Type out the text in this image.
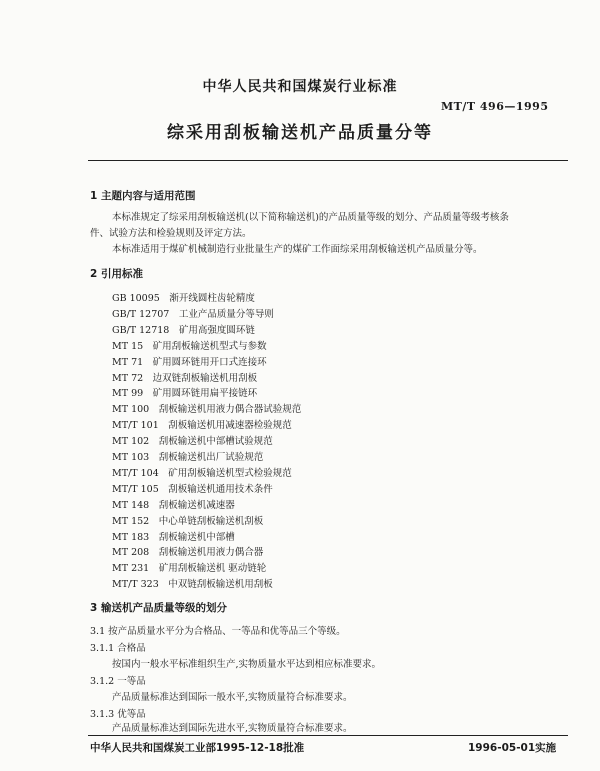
中华人民共和国煤炭行业标准
MT/T 496—1995
综采用刮板输送机产品质量分等
1 主题内容与适用范围
本标准规定了综采用刮板输送机(以下简称输送机)的产品质量等级的划分、产品质量等级考核条
件、试验方法和检验规则及评定方法。
本标准适用于煤矿机械制造行业批量生产的煤矿工作面综采用刮板输送机产品质量分等。
2 引用标准
GB 10095  渐开线圆柱齿轮精度
GB/T 12707  工业产品质量分等导则
GB/T 12718  矿用高强度圆环链
MT 15  矿用刮板输送机型式与参数
MT 71  矿用圆环链用开口式连接环
MT 72  边双链刮板输送机用刮板
MT 99  矿用圆环链用扁平接链环
MT 100  刮板输送机用液力偶合器试验规范
MT/T 101  刮板输送机用减速器检验规范
MT 102  刮板输送机中部槽试验规范
MT 103  刮板输送机出厂试验规范
MT/T 104  矿用刮板输送机型式检验规范
MT/T 105  刮板输送机通用技术条件
MT 148  刮板输送机减速器
MT 152  中心单链刮板输送机刮板
MT 183  刮板输送机中部槽
MT 208  刮板输送机用液力偶合器
MT 231  矿用刮板输送机 驱动链轮
MT/T 323  中双链刮板输送机用刮板
3 输送机产品质量等级的划分
3.1 按产品质量水平分为合格品、一等品和优等品三个等级。
3.1.1 合格品
按国内一般水平标准组织生产,实物质量水平达到相应标准要求。
3.1.2 一等品
产品质量标准达到国际一般水平,实物质量符合标准要求。
3.1.3 优等品
产品质量标准达到国际先进水平,实物质量符合标准要求。
中华人民共和国煤炭工业部1995-12-18批准	1996-05-01实施
